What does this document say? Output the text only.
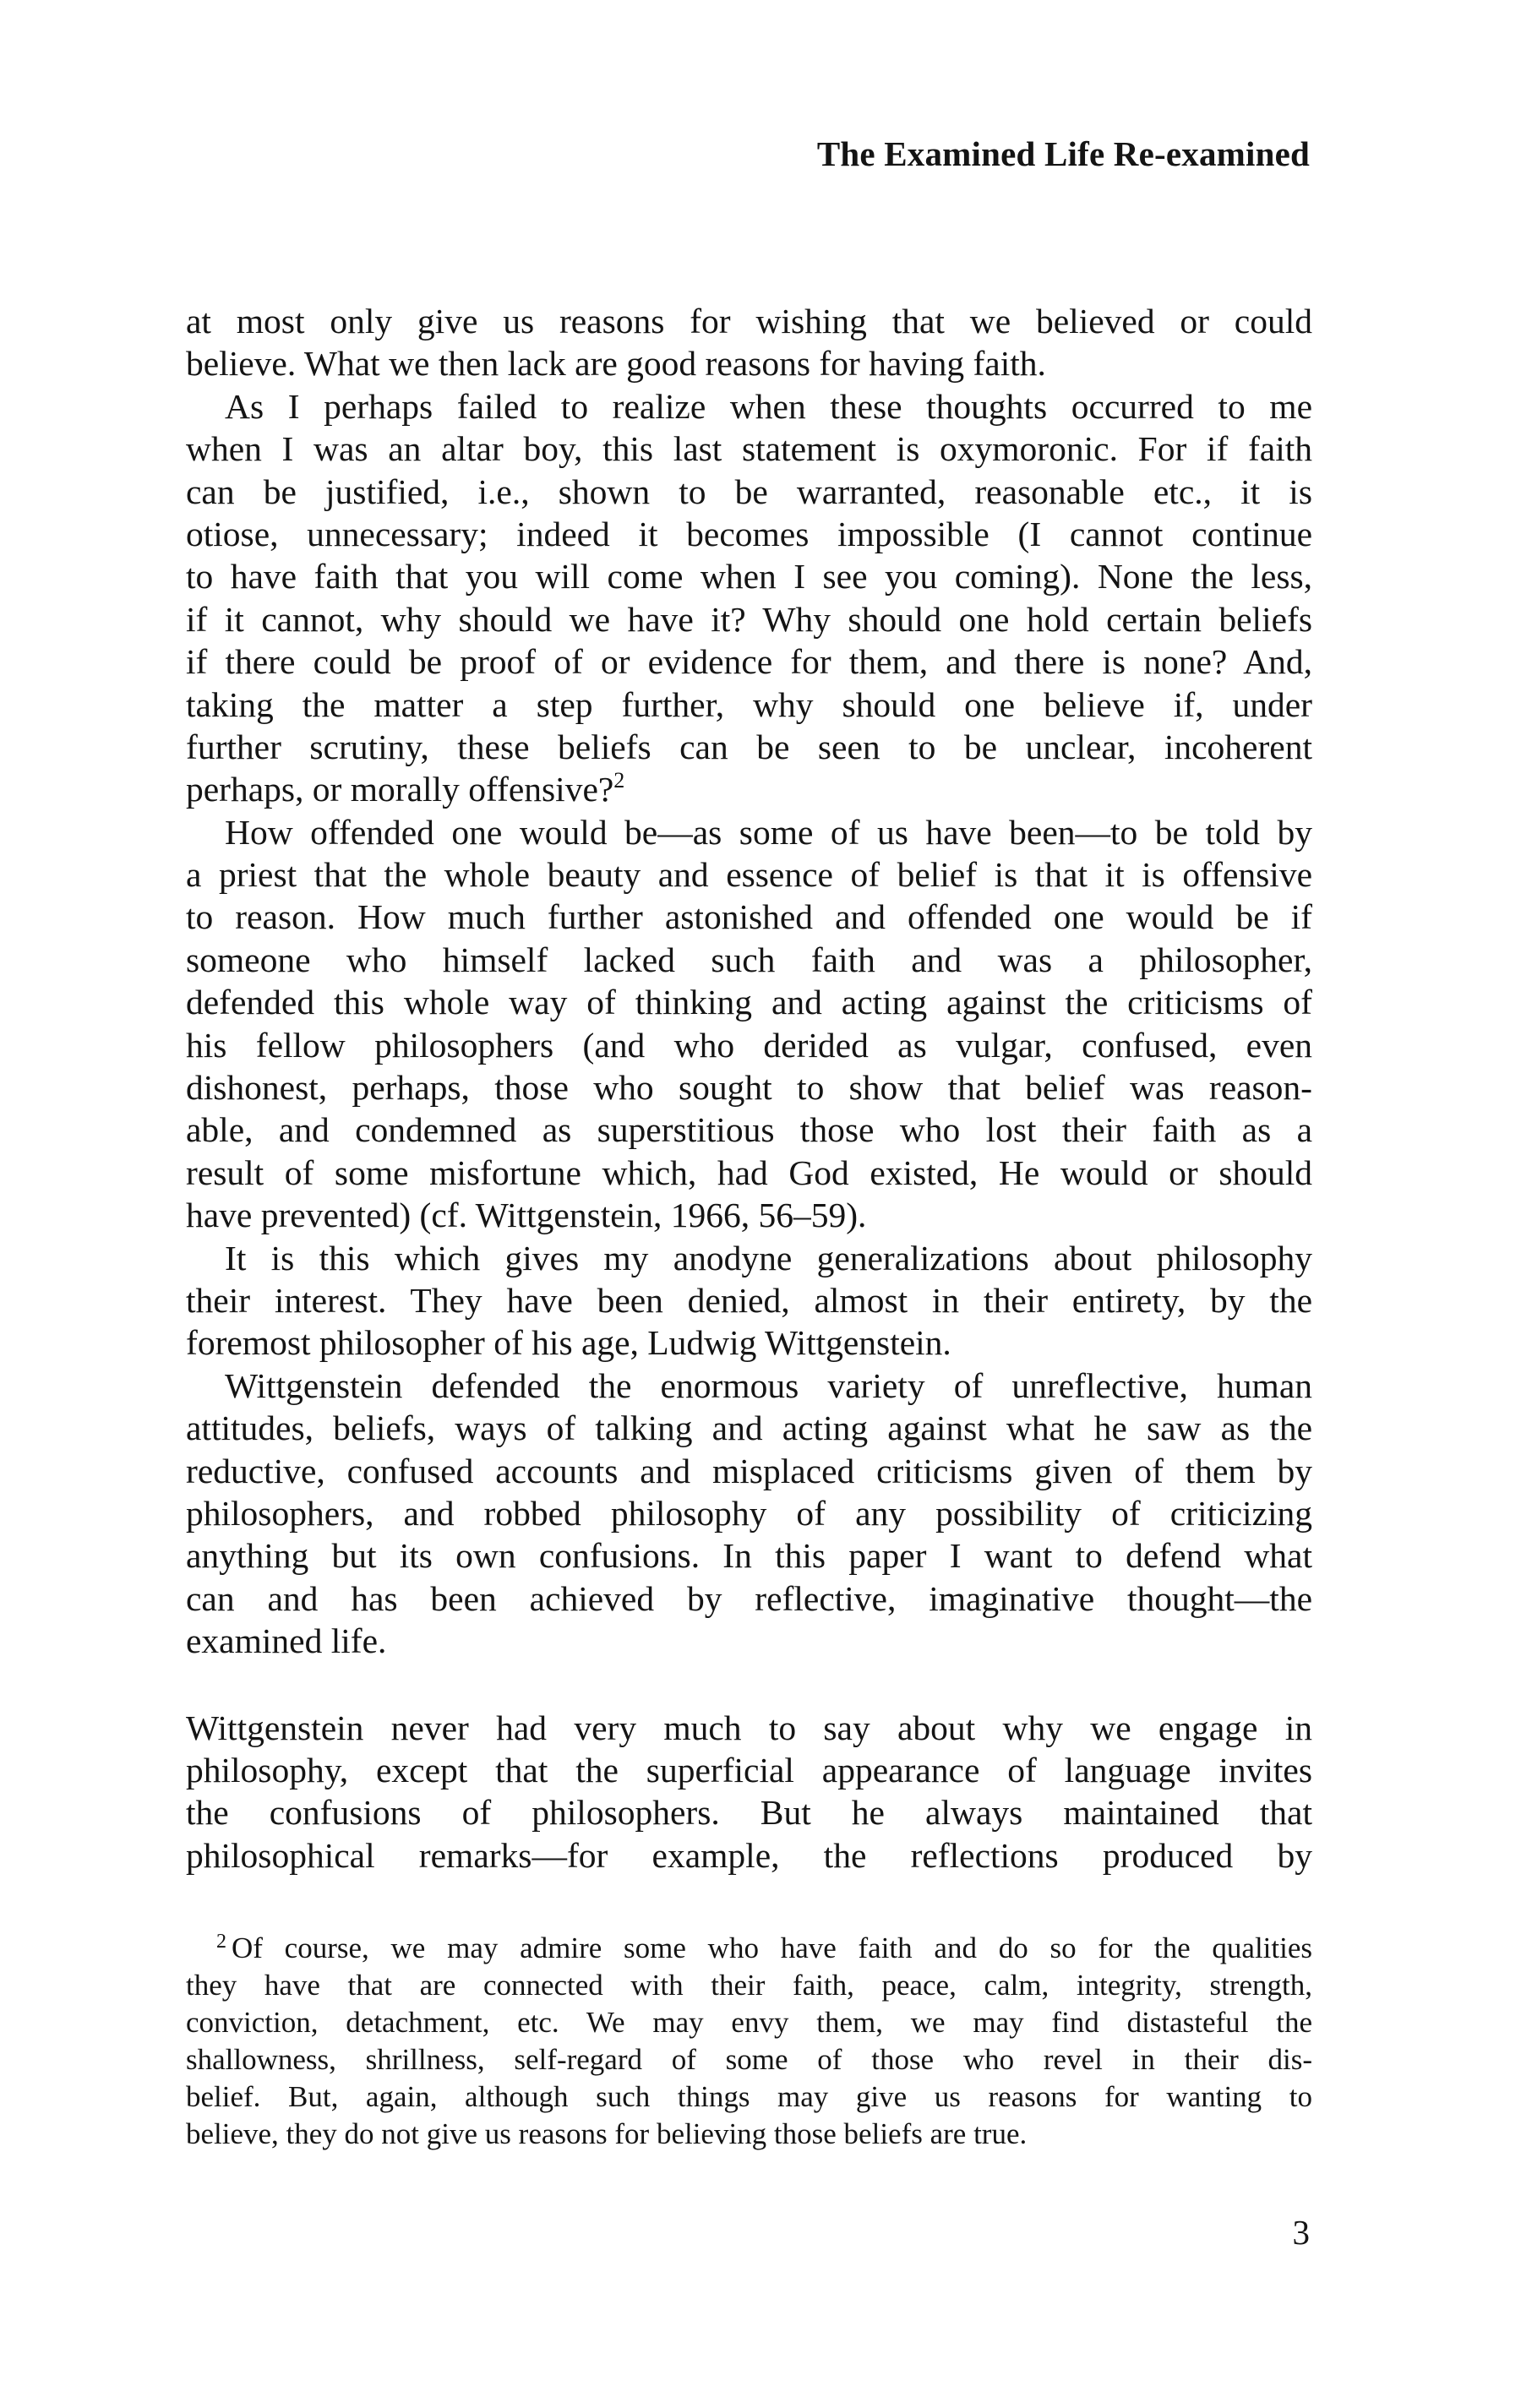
The Examined Life Re-examined
at most only give us reasons for wishing that we believed or could
believe. What we then lack are good reasons for having faith.
As I perhaps failed to realize when these thoughts occurred to me
when I was an altar boy, this last statement is oxymoronic. For if faith
can be justified, i.e., shown to be warranted, reasonable etc., it is
otiose, unnecessary; indeed it becomes impossible (I cannot continue
to have faith that you will come when I see you coming). None the less,
if it cannot, why should we have it? Why should one hold certain beliefs
if there could be proof of or evidence for them, and there is none? And,
taking the matter a step further, why should one believe if, under
further scrutiny, these beliefs can be seen to be unclear, incoherent
perhaps, or morally offensive?$^2$
How offended one would be—as some of us have been—to be told by
a priest that the whole beauty and essence of belief is that it is offensive
to reason. How much further astonished and offended one would be if
someone who himself lacked such faith and was a philosopher,
defended this whole way of thinking and acting against the criticisms of
his fellow philosophers (and who derided as vulgar, confused, even
dishonest, perhaps, those who sought to show that belief was reason-
able, and condemned as superstitious those who lost their faith as a
result of some misfortune which, had God existed, He would or should
have prevented) (cf. Wittgenstein, 1966, 56–59).
It is this which gives my anodyne generalizations about philosophy
their interest. They have been denied, almost in their entirety, by the
foremost philosopher of his age, Ludwig Wittgenstein.
Wittgenstein defended the enormous variety of unreflective, human
attitudes, beliefs, ways of talking and acting against what he saw as the
reductive, confused accounts and misplaced criticisms given of them by
philosophers, and robbed philosophy of any possibility of criticizing
anything but its own confusions. In this paper I want to defend what
can and has been achieved by reflective, imaginative thought—the
examined life.
Wittgenstein never had very much to say about why we engage in
philosophy, except that the superficial appearance of language invites
the confusions of philosophers. But he always maintained that
philosophical remarks—for example, the reflections produced by
$^2$ Of course, we may admire some who have faith and do so for the qualities
they have that are connected with their faith, peace, calm, integrity, strength,
conviction, detachment, etc. We may envy them, we may find distasteful the
shallowness, shrillness, self-regard of some of those who revel in their dis-
belief. But, again, although such things may give us reasons for wanting to
believe, they do not give us reasons for believing those beliefs are true.
3
